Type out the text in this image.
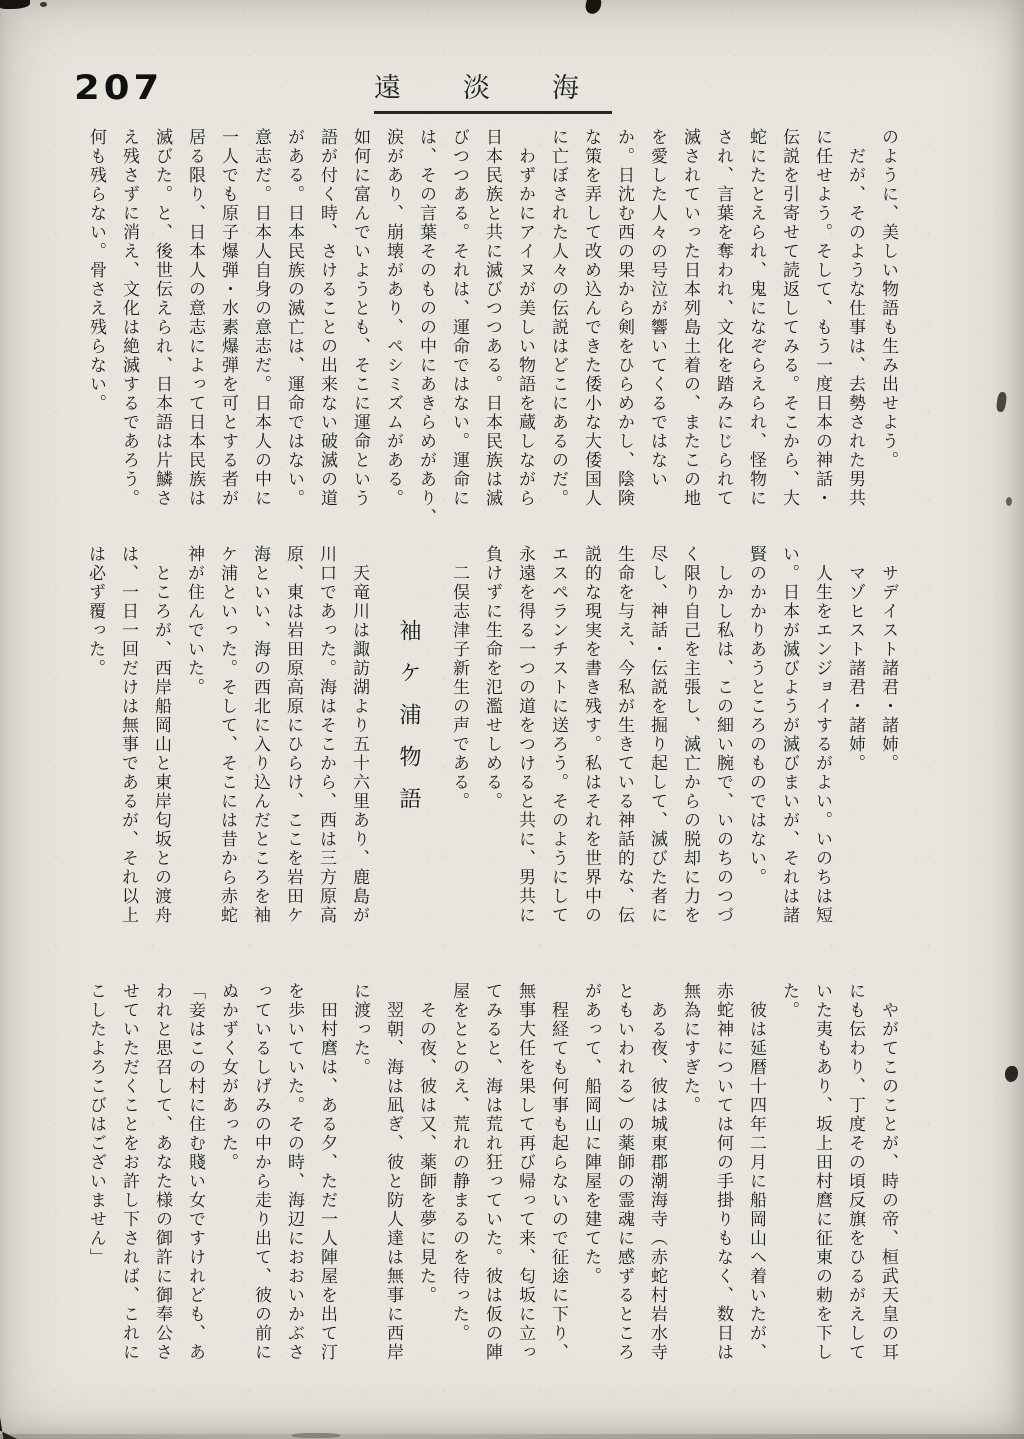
207	遠淡海
のように、美しい物語も生み出せよう。
　だが、そのような仕事は、去勢された男共
に任せよう。そして、もう一度日本の神話・
伝説を引寄せて読返してみる。そこから、大
蛇にたとえられ、鬼になぞらえられ、怪物に
され、言葉を奪われ、文化を踏みにじられて
滅されていった日本列島土着の、またこの地
を愛した人々の号泣が響いてくるではない
か。日沈む西の果から剣をひらめかし、陰険
な策を弄して改め込んできた倭小な大倭国人
に亡ぼされた人々の伝説はどこにあるのだ。
　わずかにアイヌが美しい物語を蔵しながら
日本民族と共に滅びつつある。日本民族は滅
びつつある。それは、運命ではない。運命に
は、その言葉そのものの中にあきらめがあり、
涙があり、崩壊があり、ペシミズムがある。
如何に富んでいようとも、そこに運命という
語が付く時、さけることの出来ない破滅の道
がある。日本民族の滅亡は、運命ではない。
意志だ。日本人自身の意志だ。日本人の中に
一人でも原子爆弾・水素爆弾を可とする者が
居る限り、日本人の意志によって日本民族は
滅びた。と、後世伝えられ、日本語は片鱗さ
え残さずに消え、文化は絶滅するであろう。
何も残らない。骨さえ残らない。
　サデイスト諸君・諸姉。
　マゾヒスト諸君・諸姉。
　人生をエンジョイするがよい。いのちは短
い。日本が滅びようが滅びまいが、それは諸
賢のかかりあうところのものではない。
　しかし私は、この細い腕で、いのちのつづ
く限り自己を主張し、滅亡からの脱却に力を
尽し、神話・伝説を掘り起して、滅びた者に
生命を与え、今私が生きている神話的な、伝
説的な現実を書き残す。私はそれを世界中の
エスペランチストに送ろう。そのようにして
永遠を得る一つの道をつけると共に、男共に
負けずに生命を氾濫せしめる。
　二俣志津子新生の声である。
袖ケ浦物語
　天竜川は諏訪湖より五十六里あり、鹿島が
川口であった。海はそこから、西は三方原高
原、東は岩田原高原にひらけ、ここを岩田ケ
海といい、海の西北に入り込んだところを袖
ケ浦といった。そして、そこには昔から赤蛇
神が住んでいた。
　ところが、西岸船岡山と東岸匂坂との渡舟
は、一日一回だけは無事であるが、それ以上
は必ず覆った。
　やがてこのことが、時の帝、桓武天皇の耳
にも伝わり、丁度その頃反旗をひるがえして
いた夷もあり、坂上田村麿に征東の勅を下し
た。
　彼は延暦十四年二月に船岡山へ着いたが、
赤蛇神については何の手掛りもなく、数日は
無為にすぎた。
　ある夜、彼は城東郡潮海寺（赤蛇村岩水寺
ともいわれる）の薬師の霊魂に感ずるところ
があって、船岡山に陣屋を建てた。
　程経ても何事も起らないので征途に下り、
無事大任を果して再び帰って来、匂坂に立っ
てみると、海は荒れ狂っていた。彼は仮の陣
屋をととのえ、荒れの静まるのを待った。
　その夜、彼は又、薬師を夢に見た。
　翌朝、海は凪ぎ、彼と防人達は無事に西岸
に渡った。
　田村麿は、ある夕、ただ一人陣屋を出て汀
を歩いていた。その時、海辺におおいかぶさ
っているしげみの中から走り出て、彼の前に
ぬかずく女があった。
「妾はこの村に住む賤い女ですけれども、あ
われと思召して、あなた様の御許に御奉公さ
せていただくことをお許し下されば、これに
こしたよろこびはございません」
